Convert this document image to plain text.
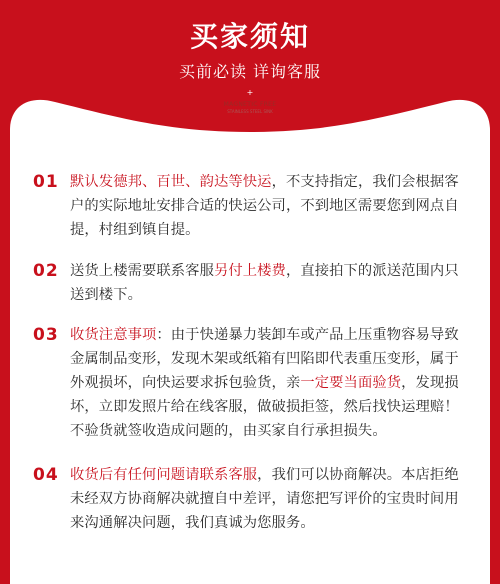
买家须知
买前必读 详询客服
+
MAGNETIC FREE
STAINLESS STEEL SINK
01 默认发德邦、百世、韵达等快运，不支持指定，我们会根据客户的实际地址安排合适的快运公司，不到地区需要您到网点自提，村组到镇自提。
02 送货上楼需要联系客服另付上楼费，直接拍下的派送范围内只送到楼下。
03 收货注意事项：由于快递暴力装卸车或产品上压重物容易导致金属制品变形，发现木架或纸箱有凹陷即代表重压变形，属于外观损坏，向快运要求拆包验货，亲一定要当面验货，发现损坏，立即发照片给在线客服，做破损拒签，然后找快运理赔！不验货就签收造成问题的，由买家自行承担损失。
04 收货后有任何问题请联系客服，我们可以协商解决。本店拒绝未经双方协商解决就擅自中差评，请您把写评价的宝贵时间用来沟通解决问题，我们真诚为您服务。
